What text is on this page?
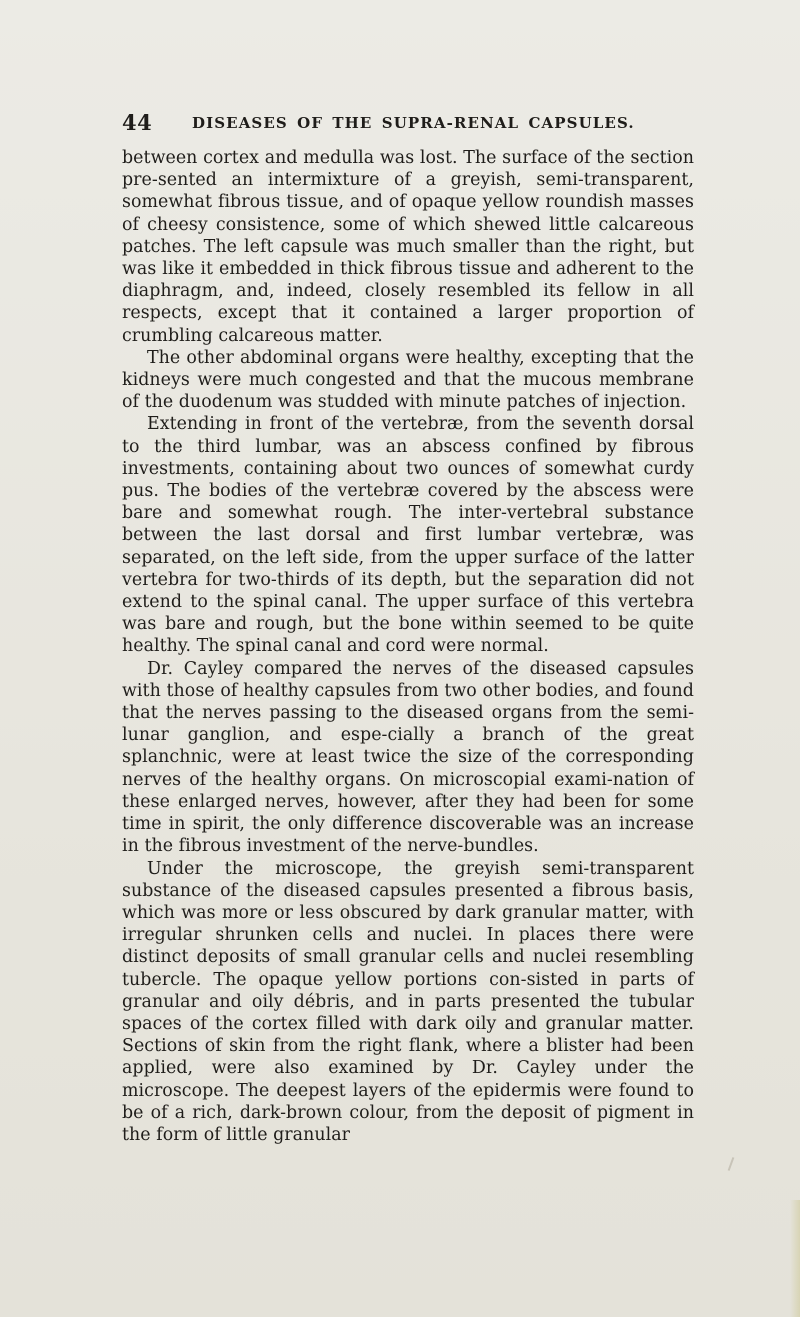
44	DISEASES OF THE SUPRA-RENAL CAPSULES.

between cortex and medulla was lost. The surface of the section pre-sented an intermixture of a greyish, semi-transparent, somewhat fibrous tissue, and of opaque yellow roundish masses of cheesy consistence, some of which shewed little calcareous patches. The left capsule was much smaller than the right, but was like it embedded in thick fibrous tissue and adherent to the diaphragm, and, indeed, closely resembled its fellow in all respects, except that it contained a larger proportion of crumbling calcareous matter.

The other abdominal organs were healthy, excepting that the kidneys were much congested and that the mucous membrane of the duodenum was studded with minute patches of injection.

Extending in front of the vertebræ, from the seventh dorsal to the third lumbar, was an abscess confined by fibrous investments, containing about two ounces of somewhat curdy pus. The bodies of the vertebræ covered by the abscess were bare and somewhat rough. The inter-vertebral substance between the last dorsal and first lumbar vertebræ, was separated, on the left side, from the upper surface of the latter vertebra for two-thirds of its depth, but the separation did not extend to the spinal canal. The upper surface of this vertebra was bare and rough, but the bone within seemed to be quite healthy. The spinal canal and cord were normal.

Dr. Cayley compared the nerves of the diseased capsules with those of healthy capsules from two other bodies, and found that the nerves passing to the diseased organs from the semi-lunar ganglion, and espe-cially a branch of the great splanchnic, were at least twice the size of the corresponding nerves of the healthy organs. On microscopial exami-nation of these enlarged nerves, however, after they had been for some time in spirit, the only difference discoverable was an increase in the fibrous investment of the nerve-bundles.

Under the microscope, the greyish semi-transparent substance of the diseased capsules presented a fibrous basis, which was more or less obscured by dark granular matter, with irregular shrunken cells and nuclei. In places there were distinct deposits of small granular cells and nuclei resembling tubercle. The opaque yellow portions con-sisted in parts of granular and oily débris, and in parts presented the tubular spaces of the cortex filled with dark oily and granular matter. Sections of skin from the right flank, where a blister had been applied, were also examined by Dr. Cayley under the microscope. The deepest layers of the epidermis were found to be of a rich, dark-brown colour, from the deposit of pigment in the form of little granular
